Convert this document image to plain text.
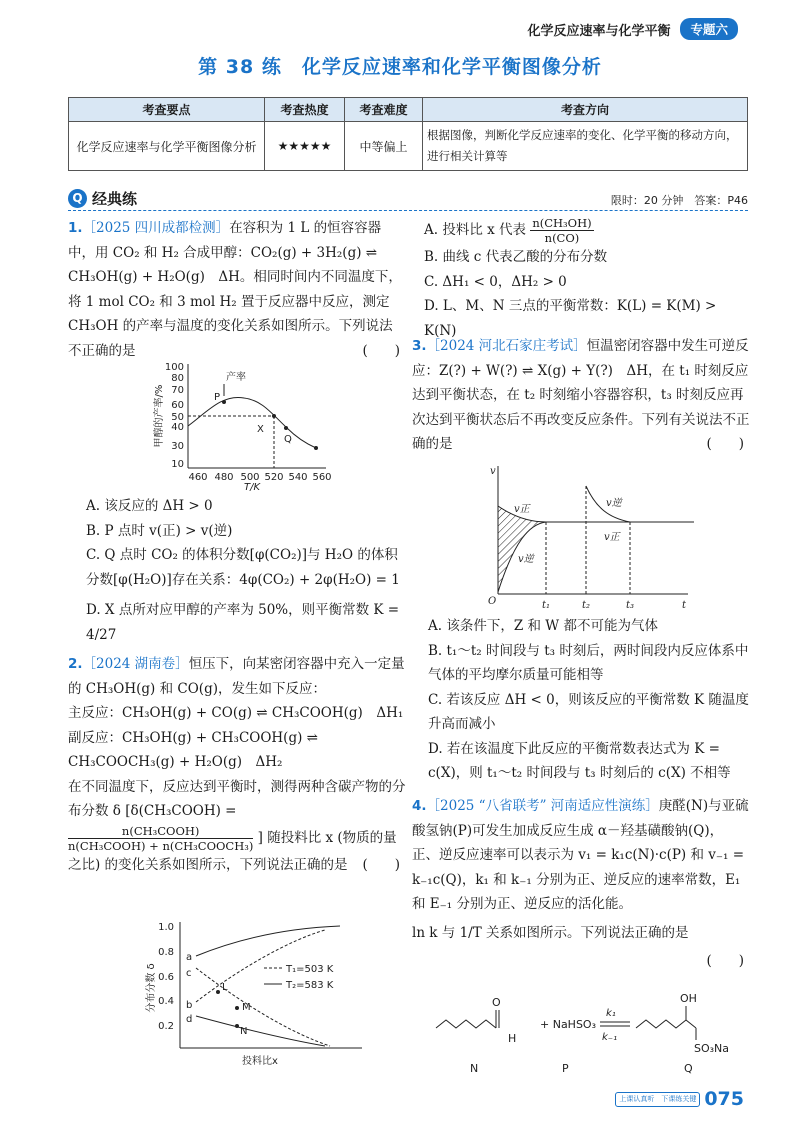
化学反应速率与化学平衡	专题六
第 38 练　化学反应速率和化学平衡图像分析
考查要点	考查热度	考查难度	考查方向
化学反应速率与化学平衡图像分析	★★★★★	中等偏上	根据图像，判断化学反应速率的变化、化学平衡的移动方向，进行相关计算等
Q 经典练	限时：20 分钟　答案：P46
1.［2025 四川成都检测］在容积为 1 L 的恒容容器中，用 CO₂ 和 H₂ 合成甲醇：CO₂(g) + 3H₂(g) ⇌ CH₃OH(g) + H₂O(g)　ΔH。相同时间内不同温度下，将 1 mol CO₂ 和 3 mol H₂ 置于反应器中反应，测定 CH₃OH 的产率与温度的变化关系如图所示。下列说法不正确的是	(　　)
10
30
40
50
60
70
80
100
460 480 500 520 540 560
T/K
甲醇的产率/%	P
X
Q
产率
A. 该反应的 ΔH > 0
B. P 点时 v(正) > v(逆)
C. Q 点时 CO₂ 的体积分数[φ(CO₂)]与 H₂O 的体积分数[φ(H₂O)]存在关系：4φ(CO₂) + 2φ(H₂O) = 1
D. X 点所对应甲醇的产率为 50%，则平衡常数 K = 4/27
2.［2024 湖南卷］恒压下，向某密闭容器中充入一定量的 CH₃OH(g) 和 CO(g)，发生如下反应：
主反应：CH₃OH(g) + CO(g) ⇌ CH₃COOH(g)　ΔH₁
副反应：CH₃OH(g) + CH₃COOH(g) ⇌
CH₃COOCH₃(g) + H₂O(g)　ΔH₂
在不同温度下，反应达到平衡时，测得两种含碳产物的分布分数 δ [δ(CH₃COOH) =
$\frac{\text{n(CH₃COOH)}}{\text{n(CH₃COOH) + n(CH₃COOCH₃)}}$ ] 随投料比 x (物质的量之比) 的变化关系如图所示，下列说法正确的是 (　　)
1.0
0.8
0.6
0.4
0.2
分布分数 δ
投料比x
a
b
c
d
L
M
N
T₁=503 K
T₂=583 K
A. 投料比 x 代表 $\frac{\text{n(CH₃OH)}}{n(CO)}$
B. 曲线 c 代表乙酸的分布分数
C. ΔH₁ < 0，ΔH₂ > 0
D. L、M、N 三点的平衡常数：K(L) = K(M) > K(N)
3.［2024 河北石家庄考试］恒温密闭容器中发生可逆反应：Z(?) + W(?) ⇌ X(g) + Y(?)　ΔH，在 t₁ 时刻反应达到平衡状态，在 t₂ 时刻缩小容器容积，t₃ 时刻反应再次达到平衡状态后不再改变反应条件。下列有关说法不正确的是	(　　)
v
t
O
v正
v逆
v逆
v正
t₁	t₂	t₃
A. 该条件下，Z 和 W 都不可能为气体
B. t₁～t₂ 时间段与 t₃ 时刻后，两时间段内反应体系中气体的平均摩尔质量可能相等
C. 若该反应 ΔH < 0，则该反应的平衡常数 K 随温度升高而减小
D. 若在该温度下此反应的平衡常数表达式为 K = c(X)，则 t₁～t₂ 时间段与 t₃ 时刻后的 c(X) 不相等
4.［2025 “八省联考” 河南适应性演练］庚醛(N)与亚硫酸氢钠(P)可发生加成反应生成 α－羟基磺酸钠(Q)，正、逆反应速率可以表示为 v₁ = k₁c(N)·c(P) 和 v₋₁ = k₋₁c(Q)，k₁ 和 k₋₁ 分别为正、逆反应的速率常数，E₁ 和 E₋₁ 分别为正、逆反应的活化能。
ln k 与 1/T 关系如图所示。下列说法正确的是
(　　)
O
H
+ NaHSO₃
k₁
k₋₁
OH
SO₃Na
N	P	Q
上课认真听　下课练关键 075
